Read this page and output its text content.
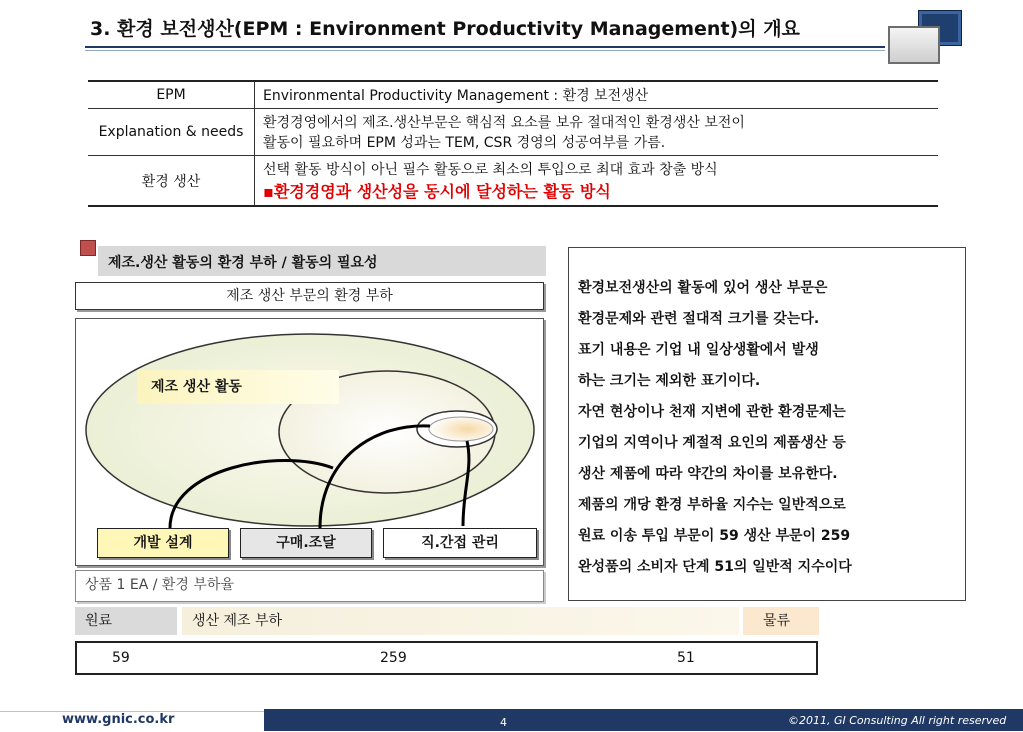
3. 환경 보전생산(EPM : Environment Productivity Management)의 개요
EPM	Environmental Productivity Management : 환경 보전생산
Explanation & needs	환경경영에서의 제조.생산부문은 핵심적 요소를 보유 절대적인 환경생산 보전이
활동이 필요하며 EPM 성과는 TEM, CSR 경영의 성공여부를 가름.

환경 생산	선택 활동 방식이 아닌 필수 활동으로 최소의 투입으로 최대 효과 창출 방식
▪환경경영과 생산성을 동시에 달성하는 활동 방식
제조.생산 활동의 환경 부하 / 활동의 필요성
제조 생산 부문의 환경 부하
제조 생산 활동
개발 설계	구매.조달	직.간접 관리
상품 1 EA / 환경 부하율
환경보전생산의 활동에 있어 생산 부문은
환경문제와 관련 절대적 크기를 갖는다.
표기 내용은 기업 내 일상생활에서 발생
하는 크기는 제외한 표기이다.
자연 현상이나 천재 지변에 관한 환경문제는
기업의 지역이나 계절적 요인의 제품생산 등
생산 제품에 따라 약간의 차이를 보유한다.
제품의 개당 환경 부하율 지수는 일반적으로
원료 이송 투입 부문이 59 생산 부문이 259
완성품의 소비자 단계 51의 일반적 지수이다
원료	생산 제조 부하	물류
59	259	51
www.gnic.co.kr	4	©2011, GI Consulting All right reserved
